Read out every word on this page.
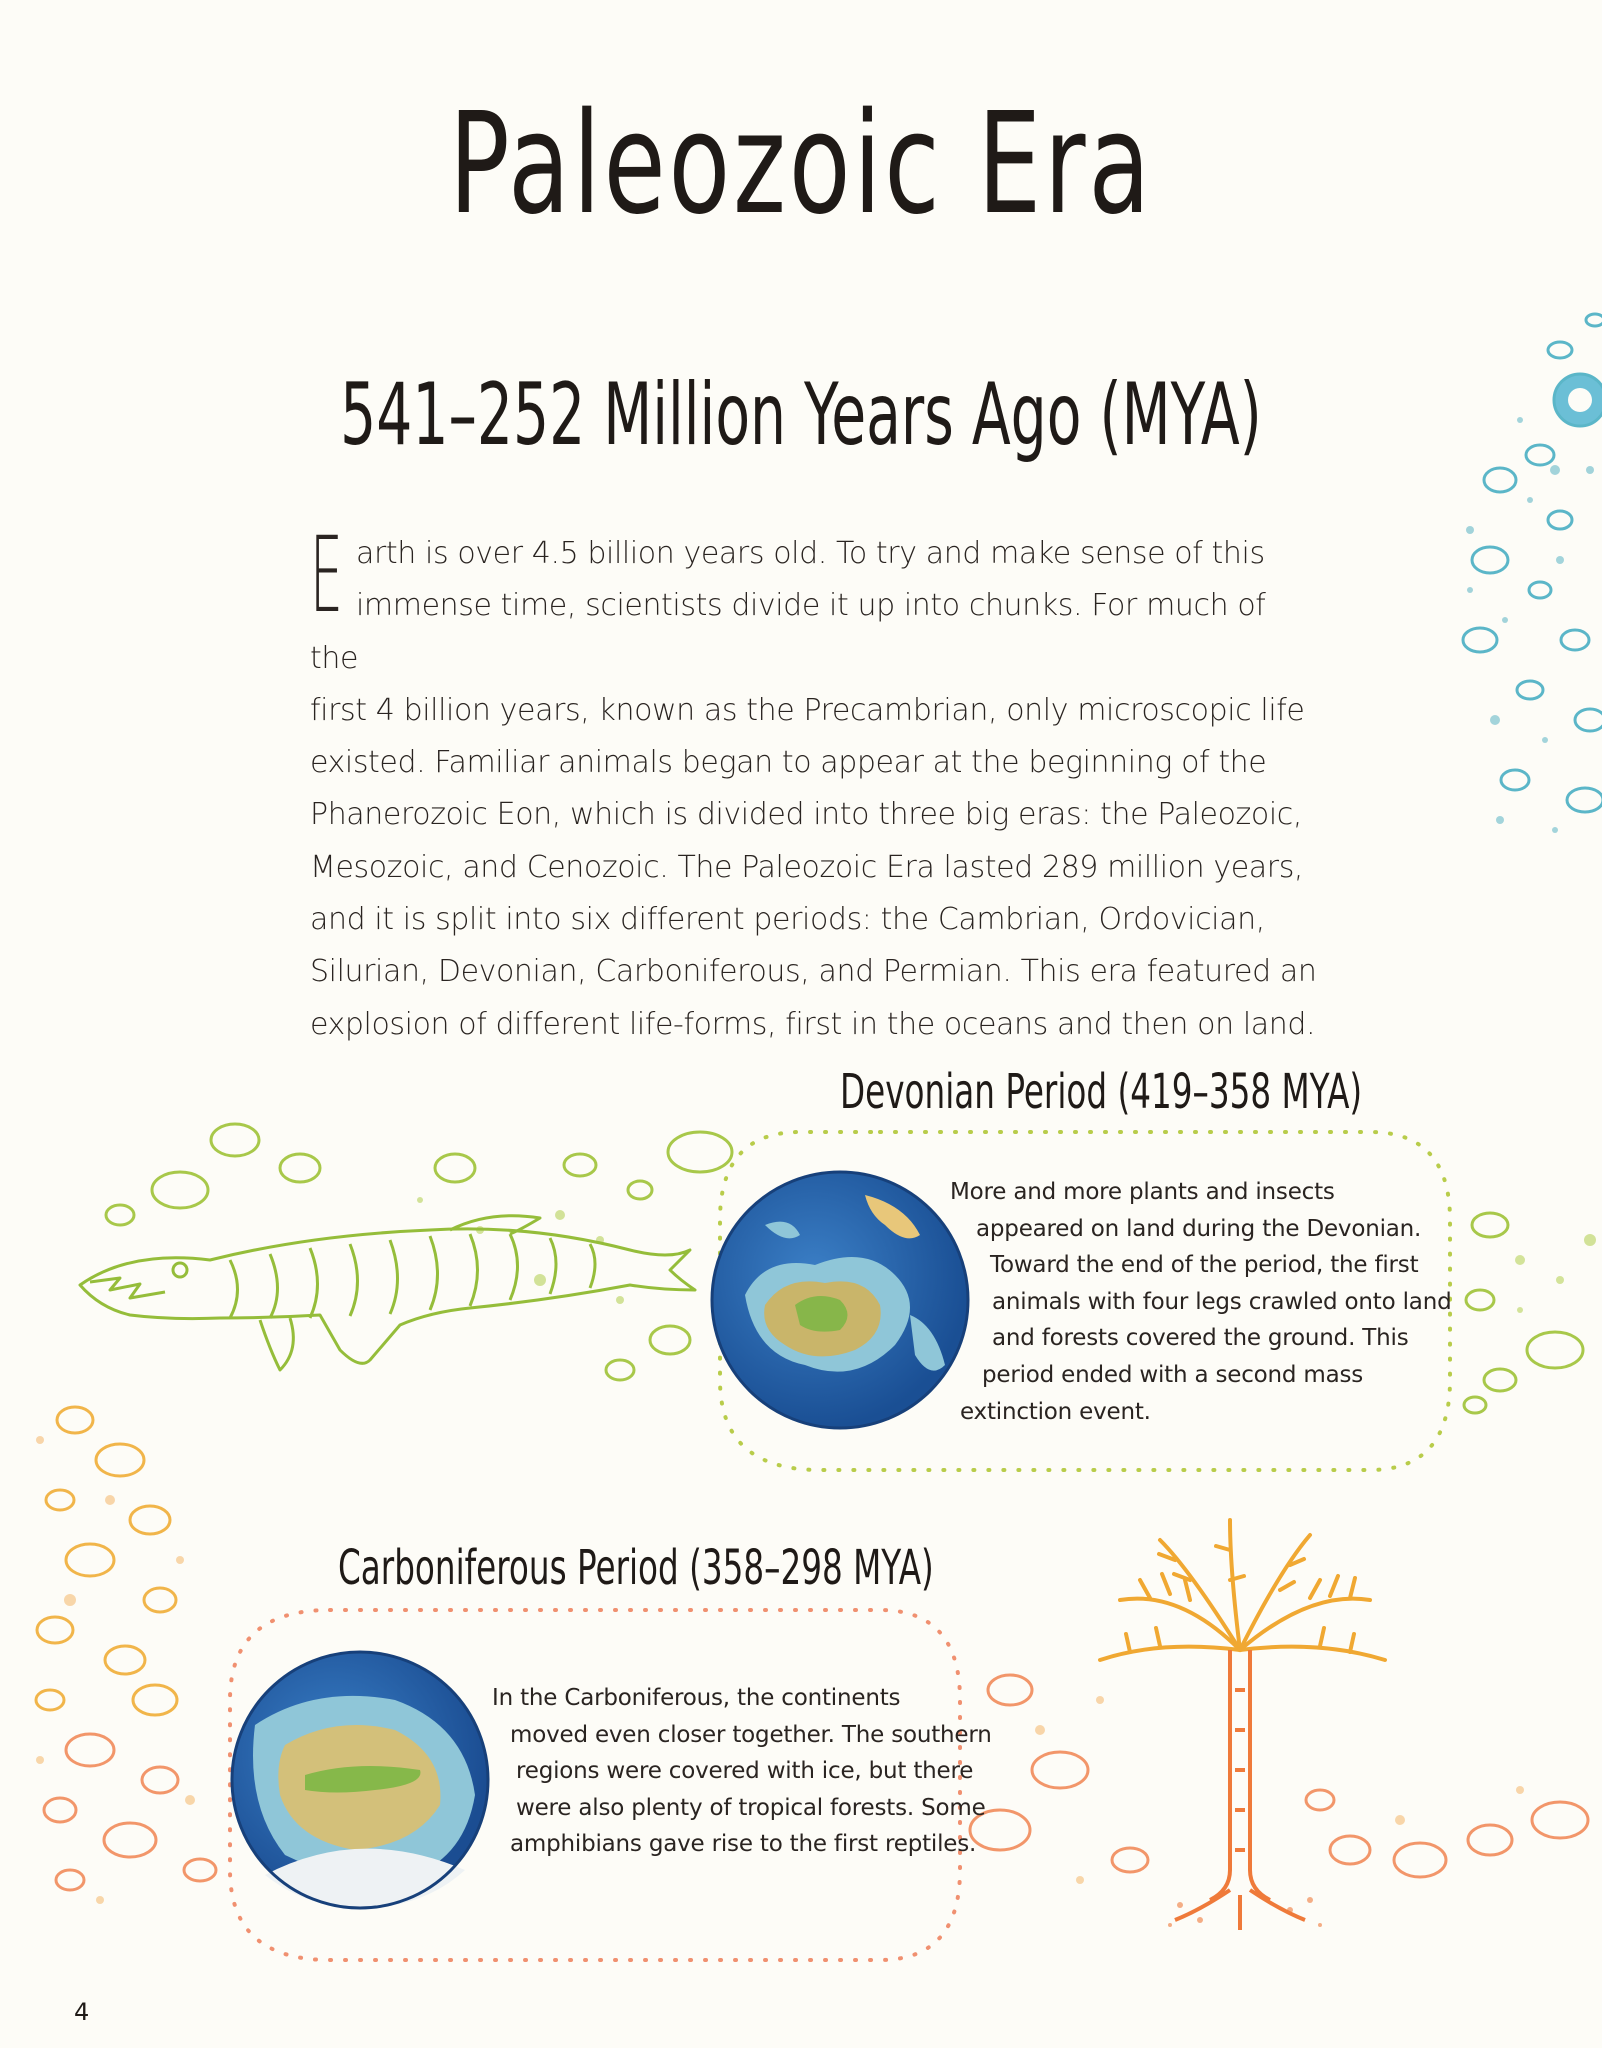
Paleozoic Era
541–252 Million Years Ago (MYA)
E arth is over 4.5 billion years old. To try and make sense of this
immense time, scientists divide it up into chunks. For much of the
first 4 billion years, known as the Precambrian, only microscopic life
existed. Familiar animals began to appear at the beginning of the
Phanerozoic Eon, which is divided into three big eras: the Paleozoic,
Mesozoic, and Cenozoic. The Paleozoic Era lasted 289 million years,
and it is split into six different periods: the Cambrian, Ordovician,
Silurian, Devonian, Carboniferous, and Permian. This era featured an
explosion of different life-forms, first in the oceans and then on land.
Devonian Period (419–358 MYA)
More and more plants and insects
appeared on land during the Devonian.
Toward the end of the period, the first
animals with four legs crawled onto land
and forests covered the ground. This
period ended with a second mass
extinction event.
Carboniferous Period (358–298 MYA)
In the Carboniferous, the continents
moved even closer together. The southern
regions were covered with ice, but there
were also plenty of tropical forests. Some
amphibians gave rise to the first reptiles.
4
